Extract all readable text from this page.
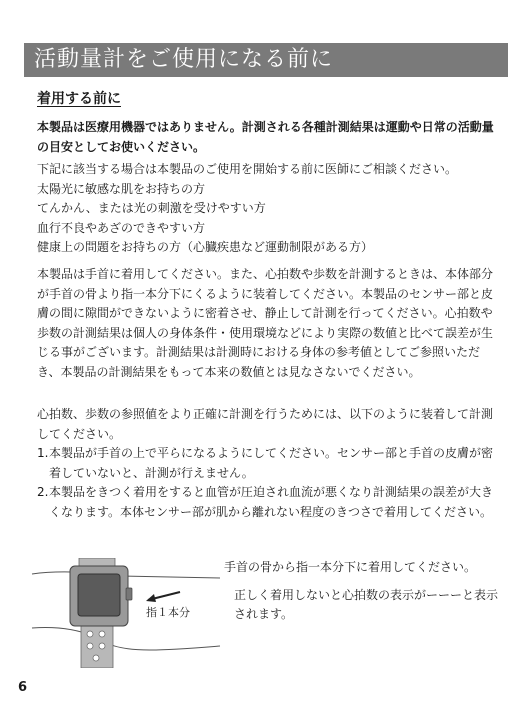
活動量計をご使用になる前に
着用する前に
本製品は医療用機器ではありません。計測される各種計測結果は運動や日常の活動量の目安としてお使いください。
下記に該当する場合は本製品のご使用を開始する前に医師にご相談ください。
太陽光に敏感な肌をお持ちの方
てんかん、または光の刺激を受けやすい方
血行不良やあざのできやすい方
健康上の問題をお持ちの方（心臓疾患など運動制限がある方）
本製品は手首に着用してください。また、心拍数や歩数を計測するときは、本体部分が手首の骨より指一本分下にくるように装着してください。本製品のセンサー部と皮膚の間に隙間ができないように密着させ、静止して計測を行ってください。心拍数や歩数の計測結果は個人の身体条件・使用環境などにより実際の数値と比べて誤差が生じる事がございます。計測結果は計測時における身体の参考値としてご参照いただき、本製品の計測結果をもって本来の数値とは見なさないでください。
心拍数、歩数の参照値をより正確に計測を行うためには、以下のように装着して計測してください。
1. 本製品が手首の上で平らになるようにしてください。センサー部と手首の皮膚が密着していないと、計測が行えません。
2. 本製品をきつく着用をすると血管が圧迫され血流が悪くなり計測結果の誤差が大きくなります。本体センサー部が肌から離れない程度のきつさで着用してください。
指１本分
手首の骨から指一本分下に着用してください。
正しく着用しないと心拍数の表示がーーーと表示されます。
6
